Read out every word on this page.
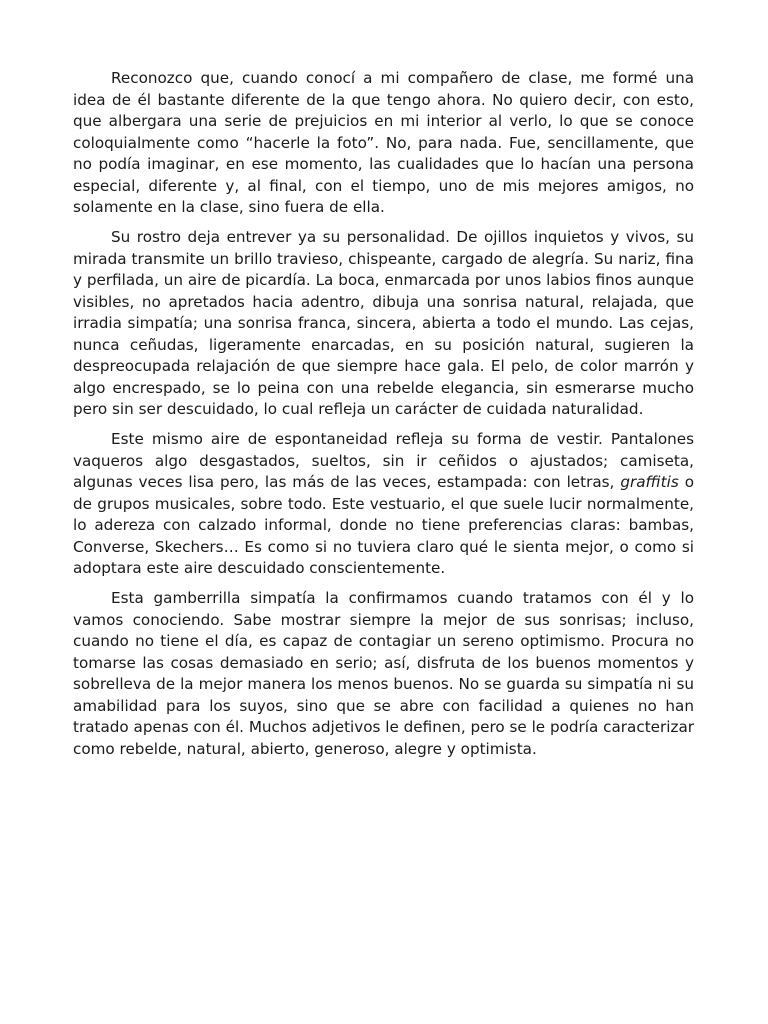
Reconozco que, cuando conocí a mi compañero de clase, me formé una idea de él bastante diferente de la que tengo ahora. No quiero decir, con esto, que albergara una serie de prejuicios en mi interior al verlo, lo que se conoce coloquialmente como “hacerle la foto”. No, para nada. Fue, sencillamente, que no podía imaginar, en ese momento, las cualidades que lo hacían una persona especial, diferente y, al final, con el tiempo, uno de mis mejores amigos, no solamente en la clase, sino fuera de ella.

Su rostro deja entrever ya su personalidad. De ojillos inquietos y vivos, su mirada transmite un brillo travieso, chispeante, cargado de alegría. Su nariz, fina y perfilada, un aire de picardía. La boca, enmarcada por unos labios finos aunque visibles, no apretados hacia adentro, dibuja una sonrisa natural, relajada, que irradia simpatía; una sonrisa franca, sincera, abierta a todo el mundo. Las cejas, nunca ceñudas, ligeramente enarcadas, en su posición natural, sugieren la despreocupada relajación de que siempre hace gala. El pelo, de color marrón y algo encrespado, se lo peina con una rebelde elegancia, sin esmerarse mucho pero sin ser descuidado, lo cual refleja un carácter de cuidada naturalidad.

Este mismo aire de espontaneidad refleja su forma de vestir. Pantalones vaqueros algo desgastados, sueltos, sin ir ceñidos o ajustados; camiseta, algunas veces lisa pero, las más de las veces, estampada: con letras, graffitis o de grupos musicales, sobre todo. Este vestuario, el que suele lucir normalmente, lo adereza con calzado informal, donde no tiene preferencias claras: bambas, Converse, Skechers… Es como si no tuviera claro qué le sienta mejor, o como si adoptara este aire descuidado conscientemente.

Esta gamberrilla simpatía la confirmamos cuando tratamos con él y lo vamos conociendo. Sabe mostrar siempre la mejor de sus sonrisas; incluso, cuando no tiene el día, es capaz de contagiar un sereno optimismo. Procura no tomarse las cosas demasiado en serio; así, disfruta de los buenos momentos y sobrelleva de la mejor manera los menos buenos. No se guarda su simpatía ni su amabilidad para los suyos, sino que se abre con facilidad a quienes no han tratado apenas con él. Muchos adjetivos le definen, pero se le podría caracterizar como rebelde, natural, abierto, generoso, alegre y optimista.
